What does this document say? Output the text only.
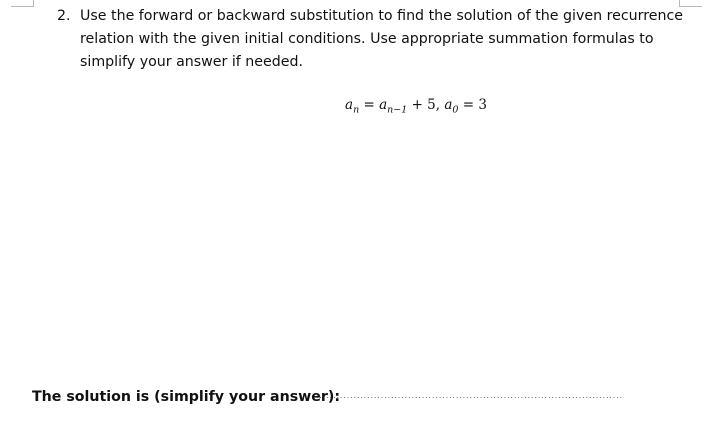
2. Use the forward or backward substitution to find the solution of the given recurrence relation with the given initial conditions. Use appropriate summation formulas to simplify your answer if needed.
$a_n = a_{n-1} + 5$, $a_0 = 3$
The solution is (simplify your answer):
...........................................................................................
